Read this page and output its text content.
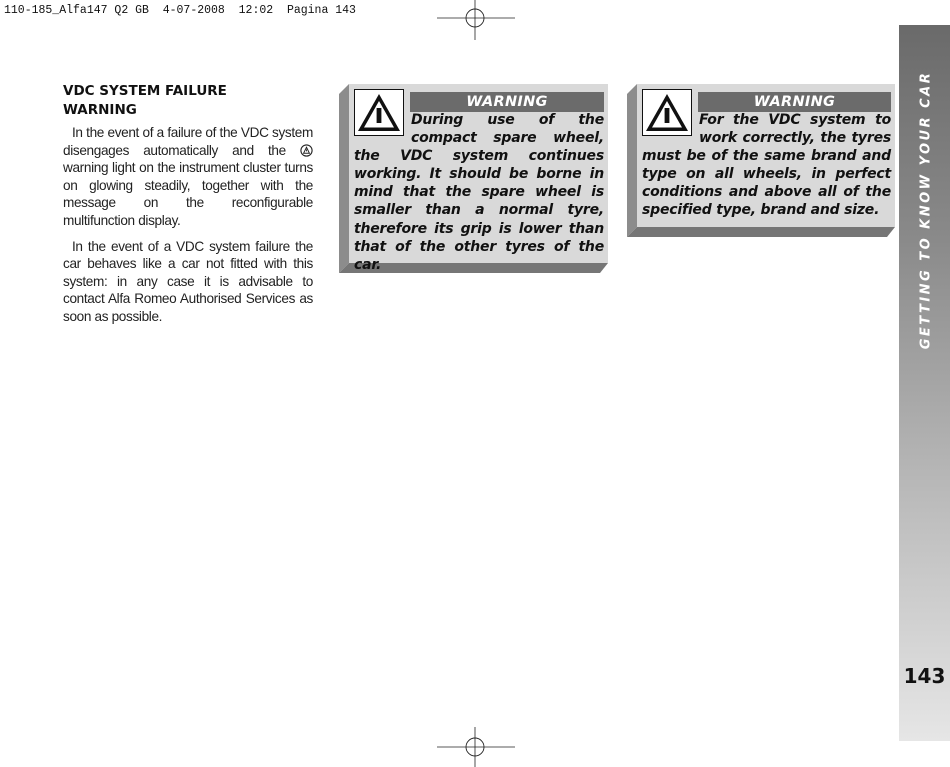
110-185_Alfa147 Q2 GB  4-07-2008  12:02  Pagina 143
VDC SYSTEM FAILURE
WARNING

In the event of a failure of the VDC system disengages automatically and the  warning light on the instrument cluster turns on glowing steadily, together with the message on the reconfigurable multifunction display.

In the event of a VDC system failure the car behaves like a car not fitted with this system: in any case it is advisable to contact Alfa Romeo Authorised Services as soon as possible.

WARNING

During use of the compact spare wheel, the VDC system continues working. It should be borne in mind that the spare wheel is smaller than a normal tyre, therefore its grip is lower than that of the other tyres of the car.

WARNING

For the VDC system to work correctly, the tyres must be of the same brand and type on all wheels, in perfect conditions and above all of the specified type, brand and size.	GETTING TO KNOW YOUR CAR
143
